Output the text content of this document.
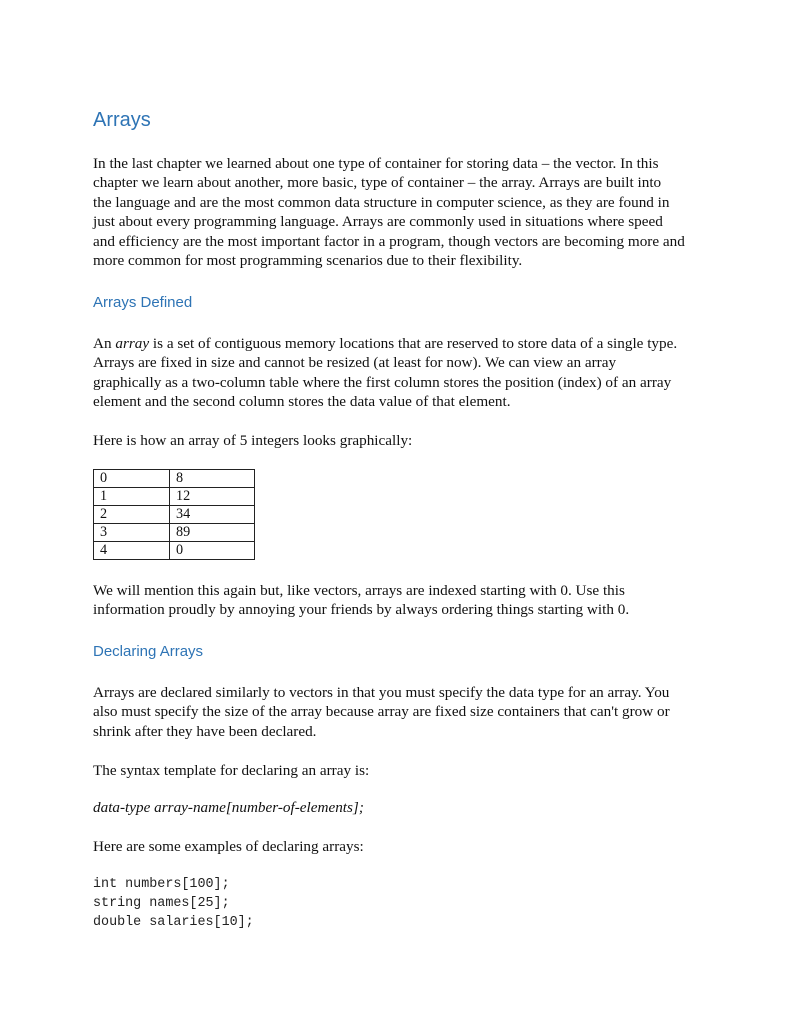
Arrays

In the last chapter we learned about one type of container for storing data – the vector. In this
chapter we learn about another, more basic, type of container – the array. Arrays are built into
the language and are the most common data structure in computer science, as they are found in
just about every programming language. Arrays are commonly used in situations where speed
and efficiency are the most important factor in a program, though vectors are becoming more and
more common for most programming scenarios due to their flexibility.

Arrays Defined

An array is a set of contiguous memory locations that are reserved to store data of a single type.
Arrays are fixed in size and cannot be resized (at least for now). We can view an array
graphically as a two-column table where the first column stores the position (index) of an array
element and the second column stores the data value of that element.

Here is how an array of 5 integers looks graphically:

0	8
1	12
2	34
3	89
4	0

We will mention this again but, like vectors, arrays are indexed starting with 0. Use this
information proudly by annoying your friends by always ordering things starting with 0.

Declaring Arrays

Arrays are declared similarly to vectors in that you must specify the data type for an array. You
also must specify the size of the array because array are fixed size containers that can't grow or
shrink after they have been declared.

The syntax template for declaring an array is:

data-type array-name[number-of-elements];

Here are some examples of declaring arrays:

int numbers[100];
string names[25];
double salaries[10];
